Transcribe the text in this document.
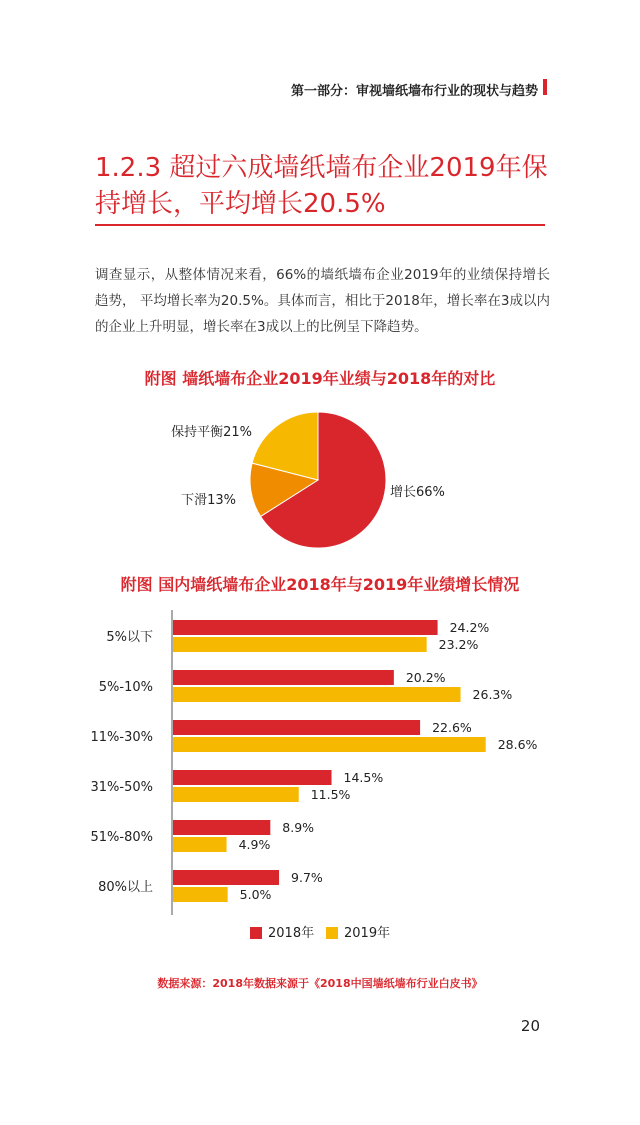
第一部分：审视墙纸墙布行业的现状与趋势
1.2.3 超过六成墙纸墙布企业2019年保持增长，平均增长20.5%
调查显示，从整体情况来看，66%的墙纸墙布企业2019年的业绩保持增长趋势， 平均增长率为20.5%。具体而言，相比于2018年，增长率在3成以内的企业上升明显，增长率在3成以上的比例呈下降趋势。
附图 墙纸墙布企业2019年业绩与2018年的对比
增长66%
下滑13%
保持平衡21%
附图 国内墙纸墙布企业2018年与2019年业绩增长情况
5%以下
5%-10%
11%-30%
31%-50%
51%-80%
80%以上
24.2%
23.2%
20.2%
26.3%
22.6%
28.6%
14.5%
11.5%
8.9%
4.9%
9.7%
5.0%
2018年 2019年
数据来源：2018年数据来源于《2018中国墙纸墙布行业白皮书》
20
